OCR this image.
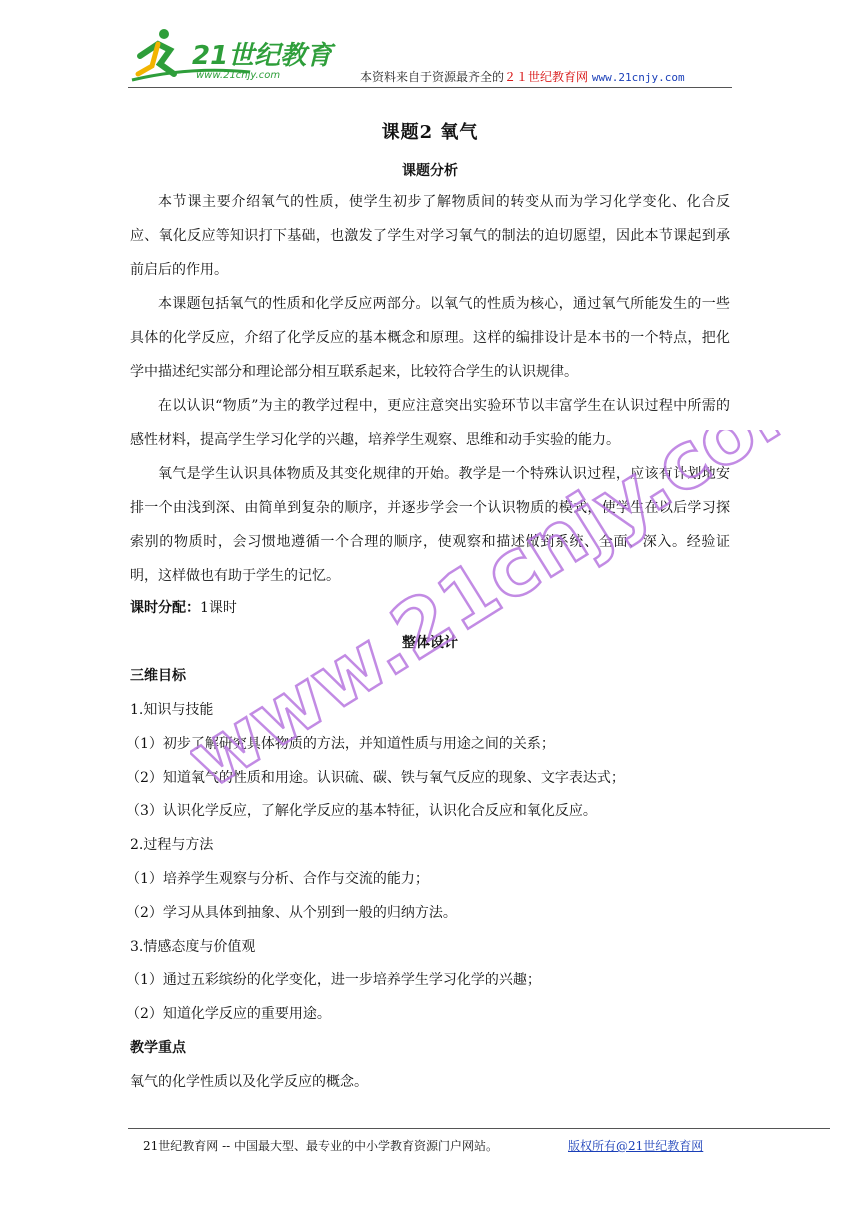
21世纪教育
www.21cnjy.com	本资料来自于资源最齐全的２１世纪教育网 www.21cnjy.com
课题2 氧气
课题分析
本节课主要介绍氧气的性质，使学生初步了解物质间的转变从而为学习化学变化、化合反应、氧化反应等知识打下基础，也激发了学生对学习氧气的制法的迫切愿望，因此本节课起到承前启后的作用。
本课题包括氧气的性质和化学反应两部分。以氧气的性质为核心，通过氧气所能发生的一些具体的化学反应，介绍了化学反应的基本概念和原理。这样的编排设计是本书的一个特点，把化学中描述纪实部分和理论部分相互联系起来，比较符合学生的认识规律。
在以认识“物质”为主的教学过程中，更应注意突出实验环节以丰富学生在认识过程中所需的感性材料，提高学生学习化学的兴趣，培养学生观察、思维和动手实验的能力。
氧气是学生认识具体物质及其变化规律的开始。教学是一个特殊认识过程，应该有计划地安排一个由浅到深、由简单到复杂的顺序，并逐步学会一个认识物质的模式，使学生在以后学习探索别的物质时，会习惯地遵循一个合理的顺序，使观察和描述做到系统、全面、深入。经验证明，这样做也有助于学生的记忆。
课时分配：1课时
整体设计
三维目标
1.知识与技能
（1）初步了解研究具体物质的方法，并知道性质与用途之间的关系；
（2）知道氧气的性质和用途。认识硫、碳、铁与氧气反应的现象、文字表达式；
（3）认识化学反应，了解化学反应的基本特征，认识化合反应和氧化反应。
2.过程与方法
（1）培养学生观察与分析、合作与交流的能力；
（2）学习从具体到抽象、从个别到一般的归纳方法。
3.情感态度与价值观
（1）通过五彩缤纷的化学变化，进一步培养学生学习化学的兴趣；
（2）知道化学反应的重要用途。
教学重点
氧气的化学性质以及化学反应的概念。
www.21cnjy.com
21世纪教育网 -- 中国最大型、最专业的中小学教育资源门户网站。	版权所有@21世纪教育网
